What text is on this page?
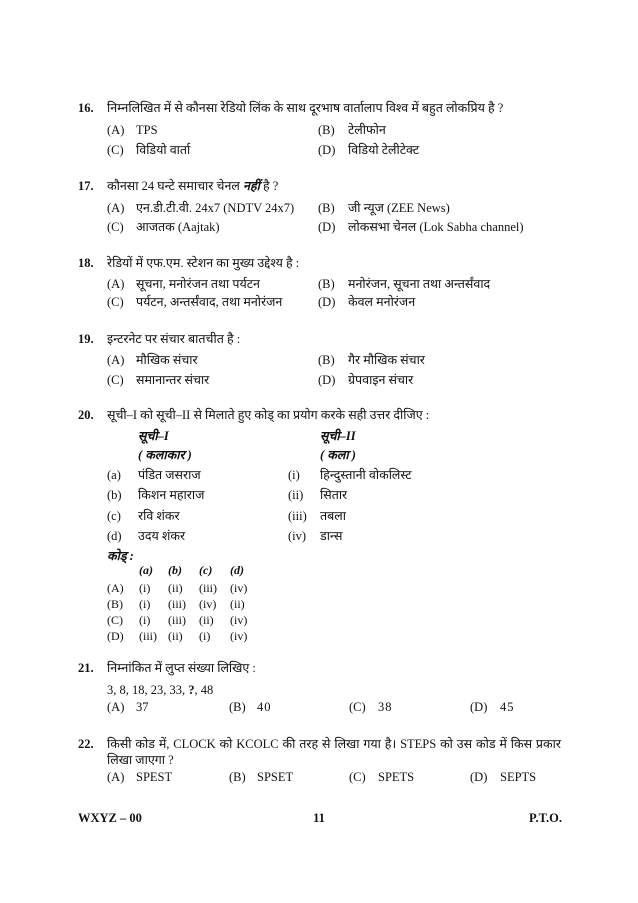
16. निम्नलिखित में से कौनसा रेडियो लिंक के साथ दूरभाष वार्तालाप विश्व में बहुत लोकप्रिय है ?
(A) TPS	(B) टेलीफोन
(C) विडियो वार्ता	(D) विडियो टेलीटेक्ट
17. कौनसा 24 घन्टे समाचार चेनल नहीं है ?
(A) एन.डी.टी.वी. 24x7 (NDTV 24x7) (B) जी न्यूज (ZEE News)
(C) आजतक (Aajtak)	(D) लोकसभा चेनल (Lok Sabha channel)
18. रेडियों में एफ.एम. स्टेशन का मुख्य उद्देश्य है :
(A) सूचना, मनोरंजन तथा पर्यटन	(B) मनोरंजन, सूचना तथा अन्तर्संवाद
(C) पर्यटन, अन्तर्संवाद, तथा मनोरंजन	(D) केवल मनोरंजन
19. इन्टरनेट पर संचार बातचीत है :
(A) मौखिक संचार	(B) गैर मौखिक संचार
(C) समानान्तर संचार	(D) ग्रेपवाइन संचार
20. सूची–I को सूची–II से मिलाते हुए कोड् का प्रयोग करके सही उत्तर दीजिए :
सूची–I	सूची–II
( कलाकार )	( कला )
(a) पंडित जसराज	(i) हिन्दुस्तानी वोकलिस्ट
(b) किशन महाराज	(ii) सितार
(c) रवि शंकर	(iii) तबला
(d) उदय शंकर	(iv) डान्स
कोड् :
(a) (b) (c) (d)
(A) (i) (ii) (iii) (iv)
(B) (i) (iii) (iv) (ii)
(C) (i) (iii) (ii) (iv)
(D) (iii) (ii) (i) (iv)
21. निम्नांकित में लुप्त संख्या लिखिए :
3, 8, 18, 23, 33, ?, 48
(A) 37	(B) 40	(C) 38	(D) 45
22. किसी कोड में, CLOCK को KCOLC की तरह से लिखा गया है। STEPS को उस कोड में किस प्रकार
लिखा जाएगा ?
(A) SPEST	(B) SPSET	(C) SPETS	(D) SEPTS
WXYZ – 00	11	P.T.O.
